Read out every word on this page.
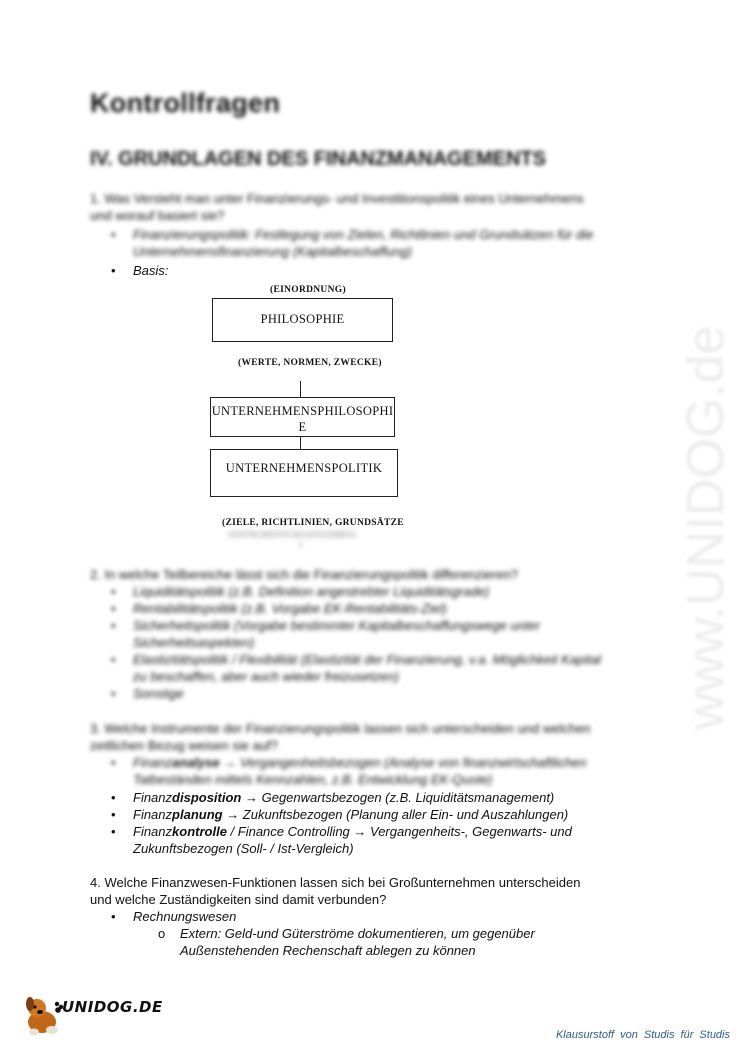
www.UNIDOG.de
Kontrollfragen
IV. GRUNDLAGEN DES FINANZMANAGEMENTS
1. Was Versteht man unter Finanzierungs- und Investitionspolitik eines Unternehmens
und worauf basiert sie?
• Finanzierungspolitik: Festlegung von Zielen, Richtlinien und Grundsätzen für die
Unternehmensfinanzierung (Kapitalbeschaffung)
• Basis:
(EINORDNUNG)
PHILOSOPHIE
(WERTE, NORMEN, ZWECKE)
UNTERNEHMENSPHILOSOPHI
E
UNTERNEHMENSPOLITIK
(ZIELE, RICHTLINIEN, GRUNDSÄTZE
(INSTRUMENTE/MASSNAHMEN)
2. In welche Teilbereiche lässt sich die Finanzierungspolitik differenzieren?
• Liquiditätspolitik (z.B. Definition angestrebter Liquiditätsgrade)
• Rentabilitätspolitik (z.B. Vorgabe EK-Rentabilitäts-Ziel)
• Sicherheitspolitik (Vorgabe bestimmter Kapitalbeschaffungswege unter
Sicherheitsaspekten)
• Elastizitätspolitik / Flexibilität (Elastizität der Finanzierung, v.a. Möglichkeit Kapital
zu beschaffen, aber auch wieder freizusetzen)
• Sonstige
3. Welche Instrumente der Finanzierungspolitik lassen sich unterscheiden und welchen
zeitlichen Bezug weisen sie auf?
• Finanzanalyse → Vergangenheitsbezogen (Analyse von finanzwirtschaftlichen
Tatbeständen mittels Kennzahlen, z.B. Entwicklung EK-Quote)
• Finanzdisposition → Gegenwartsbezogen (z.B. Liquiditätsmanagement)
• Finanzplanung → Zukunftsbezogen (Planung aller Ein- und Auszahlungen)
• Finanzkontrolle / Finance Controlling → Vergangenheits-, Gegenwarts- und
Zukunftsbezogen (Soll- / Ist-Vergleich)
4. Welche Finanzwesen-Funktionen lassen sich bei Großunternehmen unterscheiden
und welche Zuständigkeiten sind damit verbunden?
• Rechnungswesen
o Extern: Geld-und Güterströme dokumentieren, um gegenüber
Außenstehenden Rechenschaft ablegen zu können
UNIDOG.DE
Klausurstoff von Studis für Studis
